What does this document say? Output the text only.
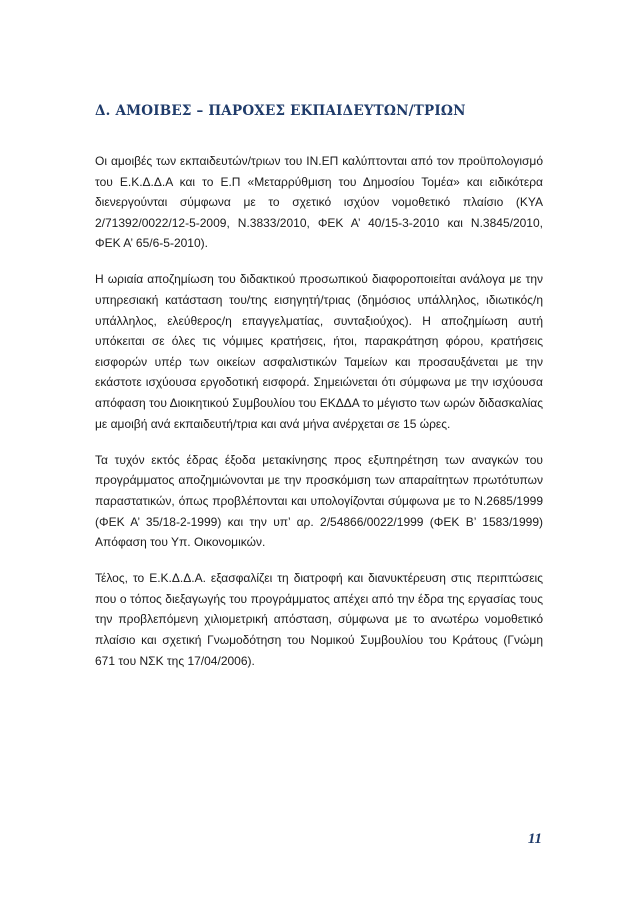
Δ. ΑΜΟΙΒΕΣ – ΠΑΡΟΧΕΣ ΕΚΠΑΙΔΕΥΤΩΝ/ΤΡΙΩΝ

Οι αμοιβές των εκπαιδευτών/τριων του ΙΝ.ΕΠ καλύπτονται από τον προϋπολογισμό του Ε.Κ.Δ.Δ.Α και το Ε.Π «Μεταρρύθμιση του Δημοσίου Τομέα» και ειδικότερα διενεργούνται σύμφωνα με το σχετικό ισχύον νομοθετικό πλαίσιο (ΚΥΑ 2/71392/0022/12-5-2009, Ν.3833/2010, ΦΕΚ Α’ 40/15-3-2010 και Ν.3845/2010, ΦΕΚ Α’ 65/6-5-2010).

Η ωριαία αποζημίωση του διδακτικού προσωπικού διαφοροποιείται ανάλογα με την υπηρεσιακή κατάσταση του/της εισηγητή/τριας (δημόσιος υπάλληλος, ιδιωτικός/η υπάλληλος, ελεύθερος/η επαγγελματίας, συνταξιούχος). Η αποζημίωση αυτή υπόκειται σε όλες τις νόμιμες κρατήσεις, ήτοι, παρακράτηση φόρου, κρατήσεις εισφορών υπέρ των οικείων ασφαλιστικών Ταμείων και προσαυξάνεται με την εκάστοτε ισχύουσα εργοδοτική εισφορά. Σημειώνεται ότι σύμφωνα με την ισχύουσα απόφαση του Διοικητικού Συμβουλίου του ΕΚΔΔΑ το μέγιστο των ωρών διδασκαλίας με αμοιβή ανά εκπαιδευτή/τρια και ανά μήνα ανέρχεται σε 15 ώρες.

Τα τυχόν εκτός έδρας έξοδα μετακίνησης προς εξυπηρέτηση των αναγκών του προγράμματος αποζημιώνονται με την προσκόμιση των απαραίτητων πρωτότυπων παραστατικών, όπως προβλέπονται και υπολογίζονται σύμφωνα με το Ν.2685/1999 (ΦΕΚ Α’ 35/18-2-1999) και την υπ’ αρ. 2/54866/0022/1999 (ΦΕΚ Β’ 1583/1999) Απόφαση του Υπ. Οικονομικών.

Τέλος, το Ε.Κ.Δ.Δ.Α. εξασφαλίζει τη διατροφή και διανυκτέρευση στις περιπτώσεις που ο τόπος διεξαγωγής του προγράμματος απέχει από την έδρα της εργασίας τους την προβλεπόμενη χιλιομετρική απόσταση, σύμφωνα με το ανωτέρω νομοθετικό πλαίσιο και σχετική Γνωμοδότηση του Νομικού Συμβουλίου του Κράτους (Γνώμη 671 του ΝΣΚ της 17/04/2006).

11
